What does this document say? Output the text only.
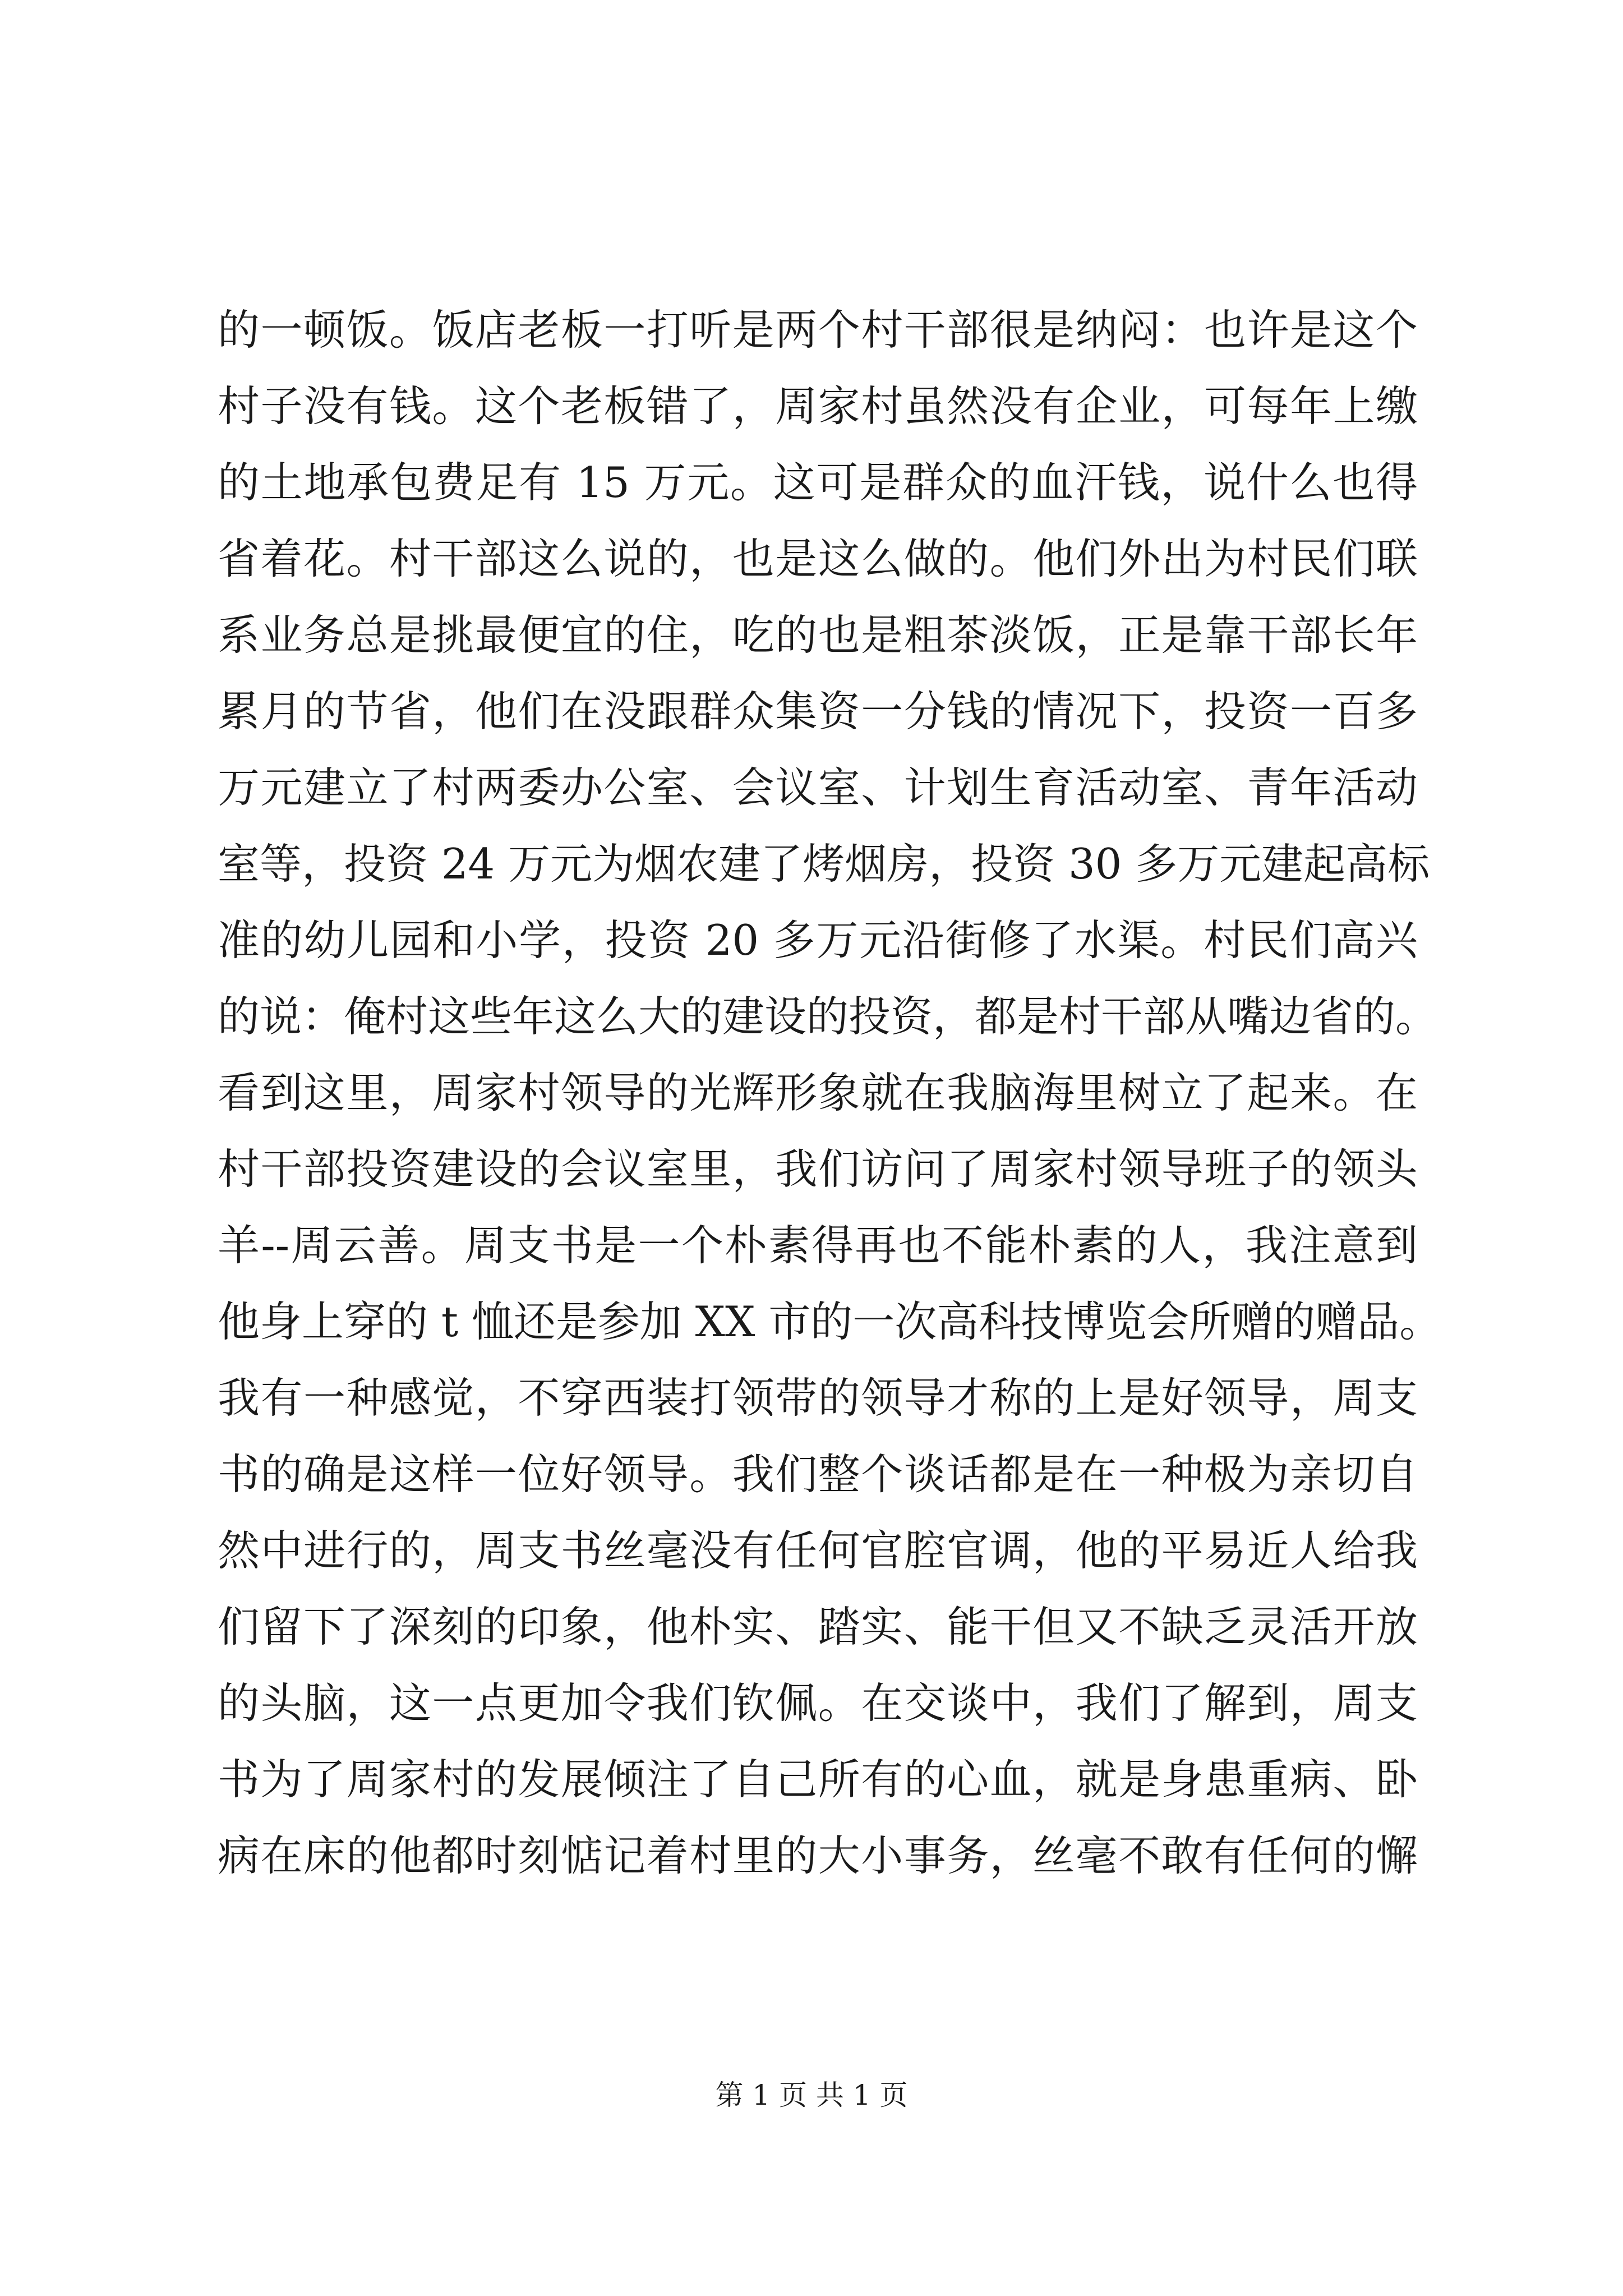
的一顿饭。饭店老板一打听是两个村干部很是纳闷：也许是这个
村子没有钱。这个老板错了，周家村虽然没有企业，可每年上缴
的土地承包费足有 15 万元。这可是群众的血汗钱，说什么也得
省着花。村干部这么说的，也是这么做的。他们外出为村民们联
系业务总是挑最便宜的住，吃的也是粗茶淡饭，正是靠干部长年
累月的节省，他们在没跟群众集资一分钱的情况下，投资一百多
万元建立了村两委办公室、会议室、计划生育活动室、青年活动
室等，投资 24 万元为烟农建了烤烟房，投资 30 多万元建起高标
准的幼儿园和小学，投资 20 多万元沿街修了水渠。村民们高兴
的说：俺村这些年这么大的建设的投资，都是村干部从嘴边省的。
看到这里，周家村领导的光辉形象就在我脑海里树立了起来。在
村干部投资建设的会议室里，我们访问了周家村领导班子的领头
羊--周云善。周支书是一个朴素得再也不能朴素的人，我注意到
他身上穿的 t 恤还是参加 XX 市的一次高科技博览会所赠的赠品。
我有一种感觉，不穿西装打领带的领导才称的上是好领导，周支
书的确是这样一位好领导。我们整个谈话都是在一种极为亲切自
然中进行的，周支书丝毫没有任何官腔官调，他的平易近人给我
们留下了深刻的印象，他朴实、踏实、能干但又不缺乏灵活开放
的头脑，这一点更加令我们钦佩。在交谈中，我们了解到，周支
书为了周家村的发展倾注了自己所有的心血，就是身患重病、卧
病在床的他都时刻惦记着村里的大小事务，丝毫不敢有任何的懈
第 1 页 共 1 页
